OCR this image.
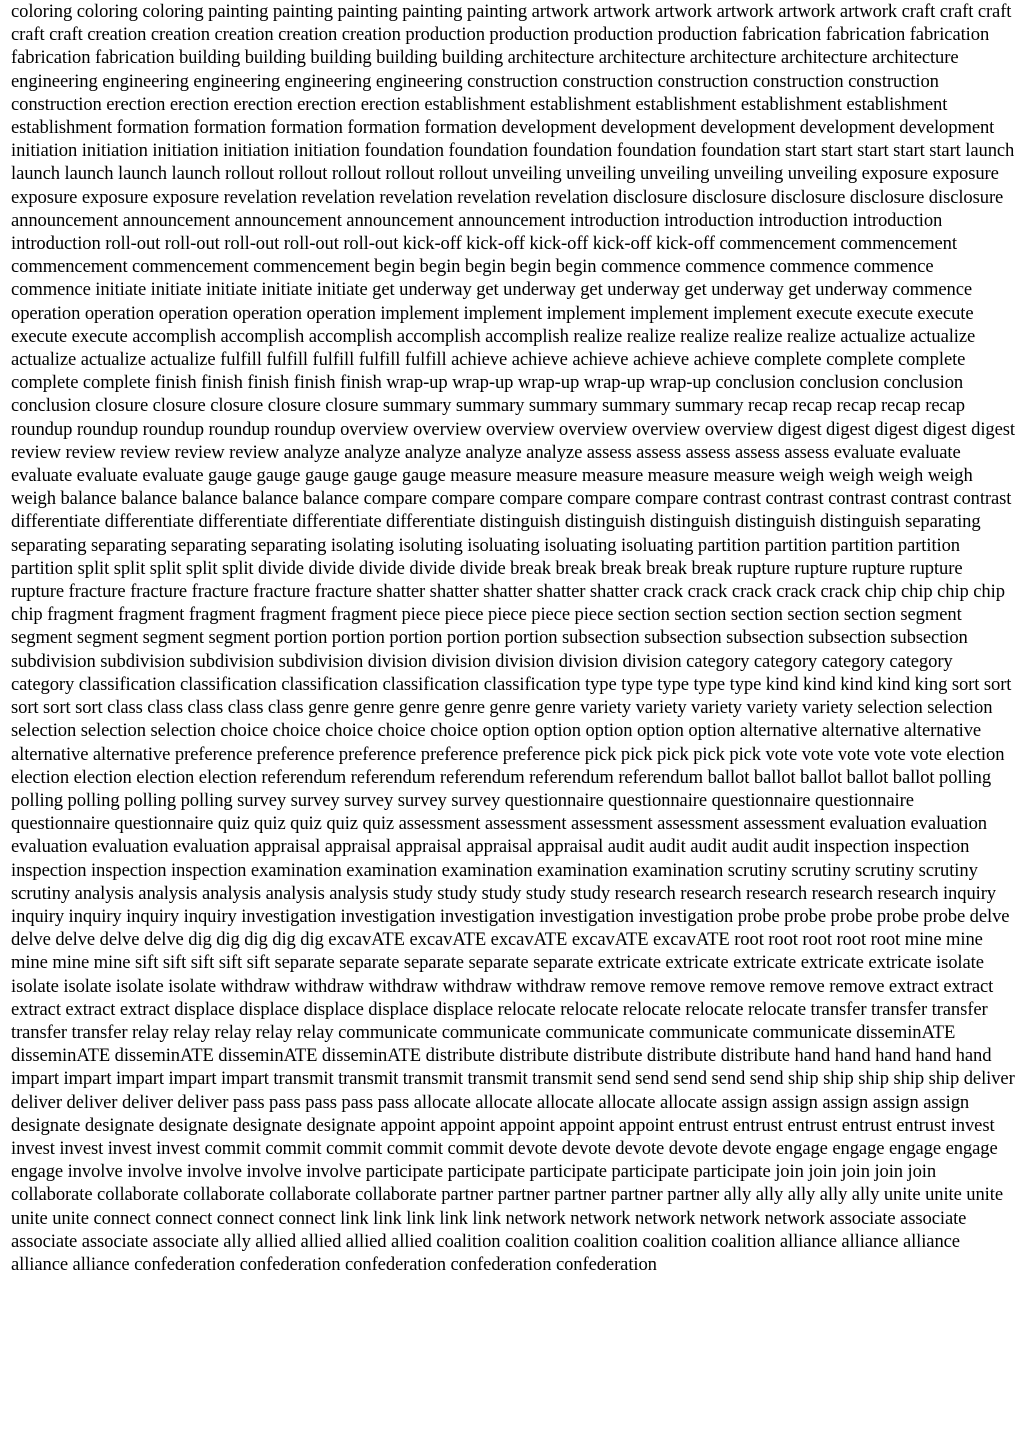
coloring coloring coloring painting painting painting painting painting artwork artwork artwork artwork artwork artwork craft craft craft craft craft creation creation creation creation creation production production production production fabrication fabrication fabrication fabrication fabrication building building building building building architecture architecture architecture architecture architecture engineering engineering engineering engineering engineering construction construction construction construction construction construction erection erection erection erection erection establishment establishment establishment establishment establishment establishment formation formation formation formation formation development development development development development initiation initiation initiation initiation initiation foundation foundation foundation foundation foundation start start start start start launch launch launch launch launch rollout rollout rollout rollout rollout unveiling unveiling unveiling unveiling unveiling exposure exposure exposure exposure exposure revelation revelation revelation revelation revelation disclosure disclosure disclosure disclosure disclosure announcement announcement announcement announcement announcement introduction introduction introduction introduction introduction roll-out roll-out roll-out roll-out roll-out kick-off kick-off kick-off kick-off kick-off commencement commencement commencement commencement commencement begin begin begin begin begin commence commence commence commence commence initiate initiate initiate initiate initiate get underway get underway get underway get underway get underway commence operation operation operation operation operation implement implement implement implement implement execute execute execute execute execute accomplish accomplish accomplish accomplish accomplish realize realize realize realize realize actualize actualize actualize actualize actualize fulfill fulfill fulfill fulfill fulfill achieve achieve achieve achieve achieve complete complete complete complete complete finish finish finish finish finish wrap-up wrap-up wrap-up wrap-up wrap-up conclusion conclusion conclusion conclusion closure closure closure closure closure summary summary summary summary summary recap recap recap recap recap roundup roundup roundup roundup roundup overview overview overview overview overview overview digest digest digest digest digest review review review review review analyze analyze analyze analyze analyze assess assess assess assess assess evaluate evaluate evaluate evaluate evaluate gauge gauge gauge gauge gauge measure measure measure measure measure weigh weigh weigh weigh weigh balance balance balance balance balance compare compare compare compare compare contrast contrast contrast contrast contrast differentiate differentiate differentiate differentiate differentiate distinguish distinguish distinguish distinguish distinguish separating separating separating separating separating isolating isoluting isoluating isoluating isoluating partition partition partition partition partition split split split split split divide divide divide divide divide break break break break break rupture rupture rupture rupture rupture fracture fracture fracture fracture fracture shatter shatter shatter shatter shatter crack crack crack crack crack chip chip chip chip chip fragment fragment fragment fragment fragment piece piece piece piece piece section section section section section segment segment segment segment segment portion portion portion portion portion subsection subsection subsection subsection subsection subdivision subdivision subdivision subdivision division division division division division category category category category category classification classification classification classification classification type type type type type kind kind kind kind king sort sort sort sort sort class class class class class genre genre genre genre genre genre variety variety variety variety variety selection selection selection selection selection choice choice choice choice choice option option option option option alternative alternative alternative alternative alternative preference preference preference preference preference pick pick pick pick pick vote vote vote vote vote election election election election election referendum referendum referendum referendum referendum ballot ballot ballot ballot ballot polling polling polling polling polling survey survey survey survey survey questionnaire questionnaire questionnaire questionnaire questionnaire questionnaire quiz quiz quiz quiz quiz assessment assessment assessment assessment assessment evaluation evaluation evaluation evaluation evaluation appraisal appraisal appraisal appraisal appraisal audit audit audit audit audit inspection inspection inspection inspection inspection examination examination examination examination examination scrutiny scrutiny scrutiny scrutiny scrutiny analysis analysis analysis analysis analysis study study study study study research research research research research inquiry inquiry inquiry inquiry inquiry investigation investigation investigation investigation investigation probe probe probe probe probe delve delve delve delve delve dig dig dig dig dig excavATE excavATE excavATE excavATE excavATE root root root root root mine mine mine mine mine sift sift sift sift sift separate separate separate separate separate extricate extricate extricate extricate extricate isolate isolate isolate isolate isolate withdraw withdraw withdraw withdraw withdraw remove remove remove remove remove extract extract extract extract extract displace displace displace displace displace relocate relocate relocate relocate relocate transfer transfer transfer transfer transfer relay relay relay relay relay communicate communicate communicate communicate communicate disseminATE disseminATE disseminATE disseminATE disseminATE distribute distribute distribute distribute distribute hand hand hand hand hand impart impart impart impart impart transmit transmit transmit transmit transmit send send send send send ship ship ship ship ship deliver deliver deliver deliver deliver pass pass pass pass pass allocate allocate allocate allocate allocate assign assign assign assign assign designate designate designate designate designate appoint appoint appoint appoint appoint entrust entrust entrust entrust entrust invest invest invest invest invest commit commit commit commit commit devote devote devote devote devote engage engage engage engage engage involve involve involve involve involve participate participate participate participate participate join join join join join collaborate collaborate collaborate collaborate collaborate partner partner partner partner partner ally ally ally ally ally unite unite unite unite unite connect connect connect connect link link link link link network network network network network associate associate associate associate associate ally allied allied allied allied coalition coalition coalition coalition coalition alliance alliance alliance alliance alliance confederation confederation confederation confederation confederation
